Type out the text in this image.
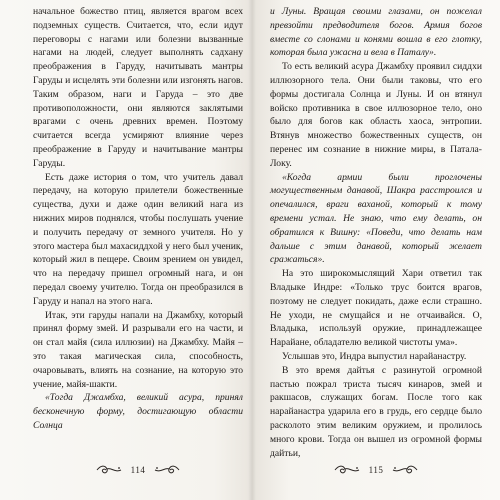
начальное божество птиц, является врагом всех подземных существ. Считается, что, если идут переговоры с нагами или болезни вызванные нагами на людей, следует выполнять садхану преображения в Гаруду, начитывать мантры Гаруды и исцелять эти болезни или изгонять нагов. Таким образом, наги и Гаруда – это две противоположности, они являются заклятыми врагами с очень древних времен. Поэтому считается всегда усмиряют влияние через преображение в Гаруду и начитывание мантры Гаруды.

Есть даже история о том, что учитель давал передачу, на которую прилетели божественные существа, духи и даже один великий нага из нижних миров поднялся, чтобы послушать учение и получить передачу от земного учителя. Но у этого мастера был махасиддхой у него был ученик, который жил в пещере. Своим зрением он увидел, что на передачу пришел огромный нага, и он передал своему учителю. Тогда он преобразился в Гаруду и напал на этого нага.

Итак, эти гаруды напали на Джамбху, который принял форму змей. И разрывали его на части, и он стал майя (сила иллюзии) на Джамбху. Майя – это такая магическая сила, способность, очаровывать, влиять на сознание, на которую это учение, майя-шакти.

«Тогда Джамбха, великий асура, принял бесконечную форму, достигающую области Солнца

114

и Луны. Вращая своими глазами, он пожелал превзойти предводителя богов. Армия богов вместе со слонами и конями вошла в его глотку, которая была ужасна и вела в Паталу».

То есть великий асура Джамбху проявил сиддхи иллюзорного тела. Они были таковы, что его формы достигала Солнца и Луны. И он втянул войско противника в свое иллюзорное тело, оно было для богов как область хаоса, энтропии. Втянув множество божественных существ, он перенес им сознание в нижние миры, в Патала-Локу.

«Когда армии были проглочены могущественным данавой, Шакра расстроился и опечалился, враги ваханой, который к тому времени устал. Не знаю, что ему делать, он обратился к Вишну: «Поведи, что делать нам дальше с этим данавой, который желает сражаться».

На это широкомыслящий Хари ответил так Владыке Индре: «Только трус боится врагов, поэтому не следует покидать, даже если страшно. Не уходи, не смущайся и не отчаивайся. О, Владыка, используй оружие, принадлежащее Нарайане, обладателю великой чистоты ума».

Услышав это, Индра выпустил нарайанастру.

В это время дайтья с разинутой огромной пастью пожрал триста тысяч кинаров, змей и ракшасов, служащих богам. После того как нарайанастра ударила его в грудь, его сердце было расколото этим великим оружием, и пролилось много крови. Тогда он вышел из огромной формы дайтьи,

115
